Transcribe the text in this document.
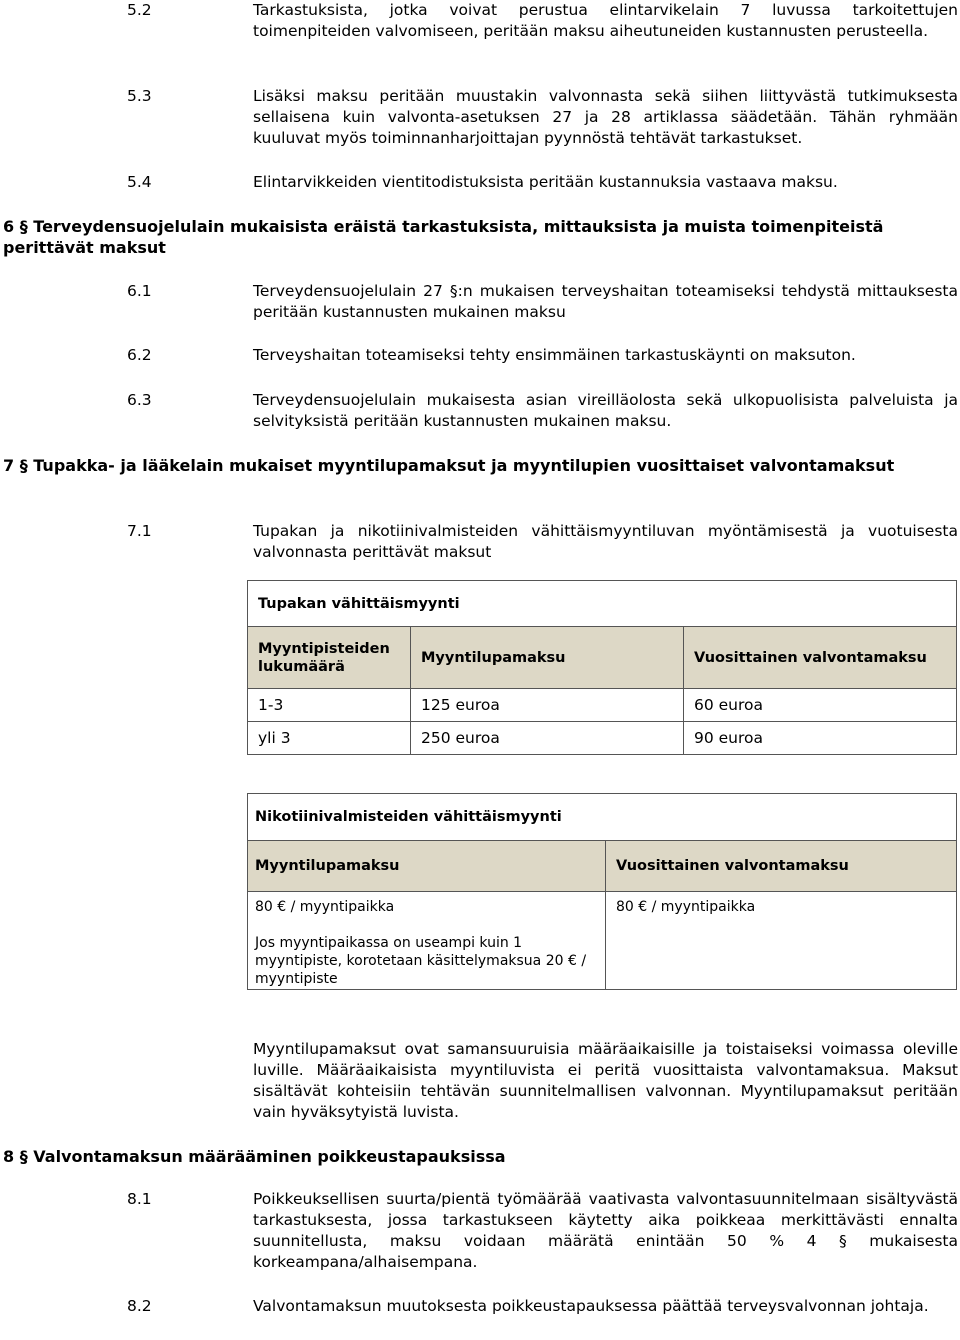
5.2	Tarkastuksista, jotka voivat perustua elintarvikelain 7 luvussa tarkoitettujen toimenpiteiden valvomiseen, peritään maksu aiheutuneiden kustannusten perusteella.
5.3	Lisäksi maksu peritään muustakin valvonnasta sekä siihen liittyvästä tutkimuksesta sellaisena kuin valvonta-asetuksen 27 ja 28 artiklassa säädetään. Tähän ryhmään kuuluvat myös toiminnanharjoittajan pyynnöstä tehtävät tarkastukset.
5.4	Elintarvikkeiden vientitodistuksista peritään kustannuksia vastaava maksu.
6 § Terveydensuojelulain mukaisista eräistä tarkastuksista, mittauksista ja muista toimenpiteistä perittävät maksut
6.1	Terveydensuojelulain 27 §:n mukaisen terveyshaitan toteamiseksi tehdystä mittauksesta peritään kustannusten mukainen maksu
6.2	Terveyshaitan toteamiseksi tehty ensimmäinen tarkastuskäynti on maksuton.
6.3	Terveydensuojelulain mukaisesta asian vireilläolosta sekä ulkopuolisista palveluista ja selvityksistä peritään kustannusten mukainen maksu.
7 § Tupakka- ja lääkelain mukaiset myyntilupamaksut ja myyntilupien vuosittaiset valvontamaksut
7.1	Tupakan ja nikotiinivalmisteiden vähittäismyyntiluvan myöntämisestä ja vuotuisesta valvonnasta perittävät maksut
Tupakan vähittäismyynti		
Myyntipisteiden lukumäärä	Myyntilupamaksu	Vuosittainen valvontamaksu
1-3	125 euroa	60 euroa
yli 3	250 euroa	90 euroa
Nikotiinivalmisteiden vähittäismyynti	
Myyntilupamaksu	Vuosittainen valvontamaksu

80 € / myyntipaikka
Jos myyntipaikassa on useampi kuin 1 myyntipiste, korotetaan käsittelymaksua 20 € / myyntipiste	80 € / myyntipaikka
Myyntilupamaksut ovat samansuuruisia määräaikaisille ja toistaiseksi voimassa oleville luville. Määräaikaisista myyntiluvista ei peritä vuosittaista valvontamaksua. Maksut sisältävät kohteisiin tehtävän suunnitelmallisen valvonnan. Myyntilupamaksut peritään vain hyväksytyistä luvista.
8 § Valvontamaksun määrääminen poikkeustapauksissa
8.1	Poikkeuksellisen suurta/pientä työmäärää vaativasta valvontasuunnitelmaan sisältyvästä tarkastuksesta, jossa tarkastukseen käytetty aika poikkeaa merkittävästi ennalta suunnitellusta, maksu voidaan määrätä enintään 50 % 4 § mukaisesta korkeampana/alhaisempana.
8.2	Valvontamaksun muutoksesta poikkeustapauksessa päättää terveysvalvonnan johtaja.
